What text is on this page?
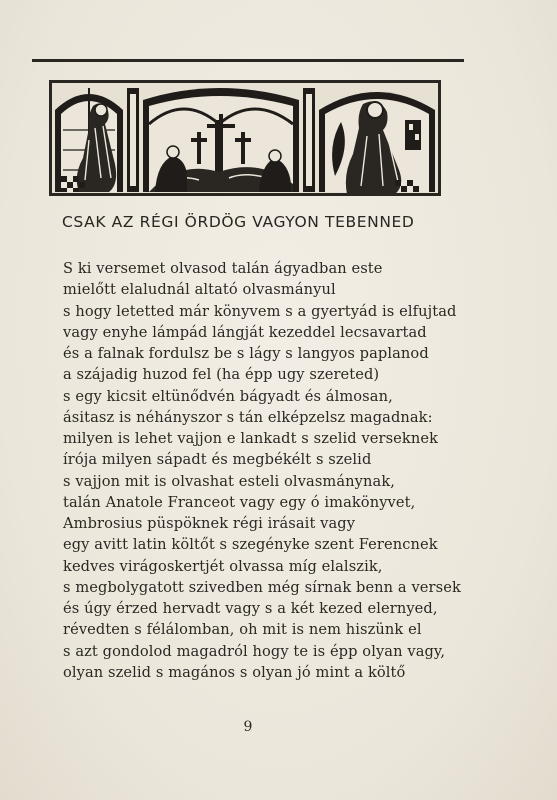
CSAK AZ RÉGI ÖRDÖG VAGYON TEBENNED
S ki versemet olvasod talán ágyadban este
mielőtt elaludnál altató olvasmányul
s hogy letetted már könyvem s a gyertyád is elfujtad
vagy enyhe lámpád lángját kezeddel lecsavartad
és a falnak fordulsz be s lágy s langyos paplanod
a szájadig huzod fel (ha épp ugy szereted)
s egy kicsit eltünődvén bágyadt és álmosan,
ásitasz is néhányszor s tán elképzelsz magadnak:
milyen is lehet vajjon e lankadt s szelid verseknek
írója milyen sápadt és megbékélt s szelid
s vajjon mit is olvashat esteli olvasmánynak,
talán Anatole Franceot vagy egy ó imakönyvet,
Ambrosius püspöknek régi irásait vagy
egy avitt latin költőt s szegényke szent Ferencnek
kedves virágoskertjét olvassa míg elalszik,
s megbolygatott szivedben még sírnak benn a versek
és úgy érzed hervadt vagy s a két kezed elernyed,
révedten s félálomban, oh mit is nem hiszünk el
s azt gondolod magadról hogy te is épp olyan vagy,
olyan szelid s magános s olyan jó mint a költő
9
